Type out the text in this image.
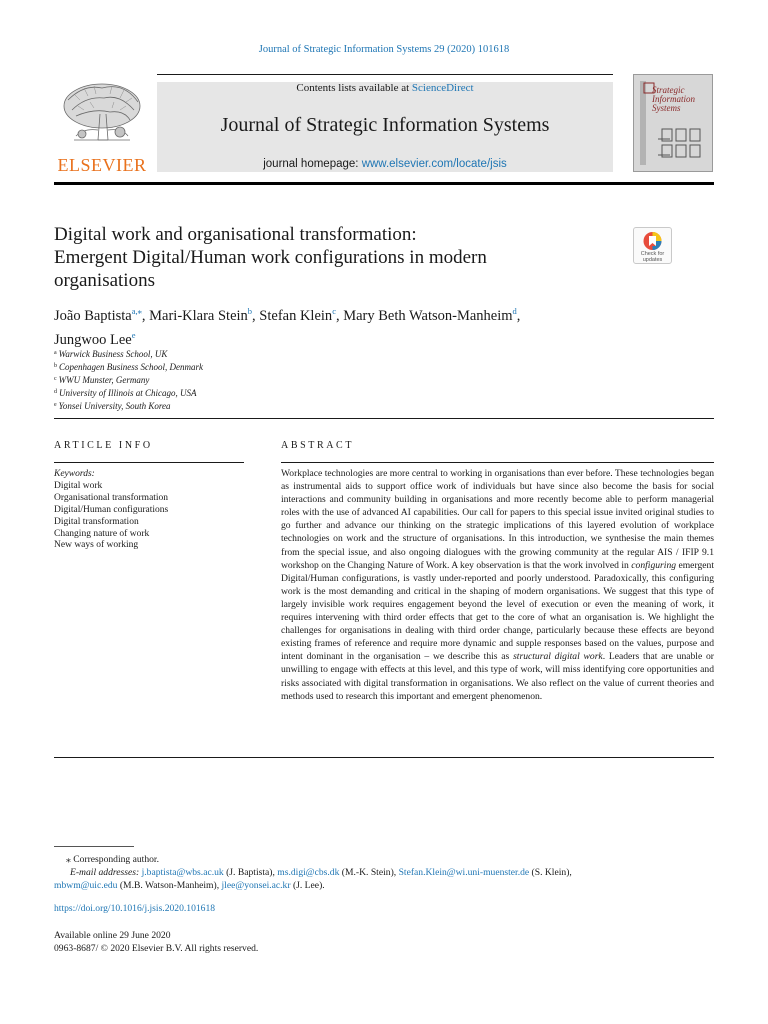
Journal of Strategic Information Systems 29 (2020) 101618
ELSEVIER
Contents lists available at ScienceDirect
Journal of Strategic Information Systems
journal homepage: www.elsevier.com/locate/jsis
Strategic Information Systems
Check for updates
Digital work and organisational transformation:
Emergent Digital/Human work configurations in modern
organisations
João Baptista$^{a,⁎}$, Mari-Klara Stein$^b$, Stefan Klein$^c$, Mary Beth Watson-Manheim$^d$,
Jungwoo Lee$^e$
$^a$ Warwick Business School, UK
$^b$ Copenhagen Business School, Denmark
$^c$ WWU Munster, Germany
$^d$ University of Illinois at Chicago, USA
$^e$ Yonsei University, South Korea
ARTICLE INFO
Keywords:
Digital work
Organisational transformation
Digital/Human configurations
Digital transformation
Changing nature of work
New ways of working
ABSTRACT
Workplace technologies are more central to working in organisations than ever before. These technologies began as instrumental aids to support office work of individuals but have since also become the basis for social interactions and community building in organisations and more recently become able to perform managerial roles with the use of advanced AI capabilities. Our call for papers to this special issue invited original studies to go further and advance our thinking on the strategic implications of this layered evolution of workplace technologies on work and the structure of organisations. In this introduction, we synthesise the main themes from the special issue, and also ongoing dialogues with the growing community at the regular AIS / IFIP 9.1 workshop on the Changing Nature of Work. A key observation is that the work involved in configuring emergent Digital/Human configurations, is vastly under-reported and poorly understood. Paradoxically, this configuring work is the most demanding and critical in the shaping of modern organisations. We suggest that this type of largely invisible work requires engagement beyond the level of execution or even the meaning of work, it requires intervening with third order effects that get to the core of what an organisation is. We highlight the challenges for organisations in dealing with third order change, particularly because these effects are beyond existing frames of reference and require more dynamic and supple responses based on the values, purpose and intent dominant in the organisation – we describe this as structural digital work. Leaders that are unable or unwilling to engage with effects at this level, and this type of work, will miss identifying core opportunities and risks associated with digital transformation in organisations. We also reflect on the value of current theories and methods used to research this important and emergent phenomenon.
⁎ Corresponding author.
E-mail addresses: j.baptista@wbs.ac.uk (J. Baptista), ms.digi@cbs.dk (M.-K. Stein), Stefan.Klein@wi.uni-muenster.de (S. Klein),
mbwm@uic.edu (M.B. Watson-Manheim), jlee@yonsei.ac.kr (J. Lee).
https://doi.org/10.1016/j.jsis.2020.101618
Available online 29 June 2020
0963-8687/ © 2020 Elsevier B.V. All rights reserved.
